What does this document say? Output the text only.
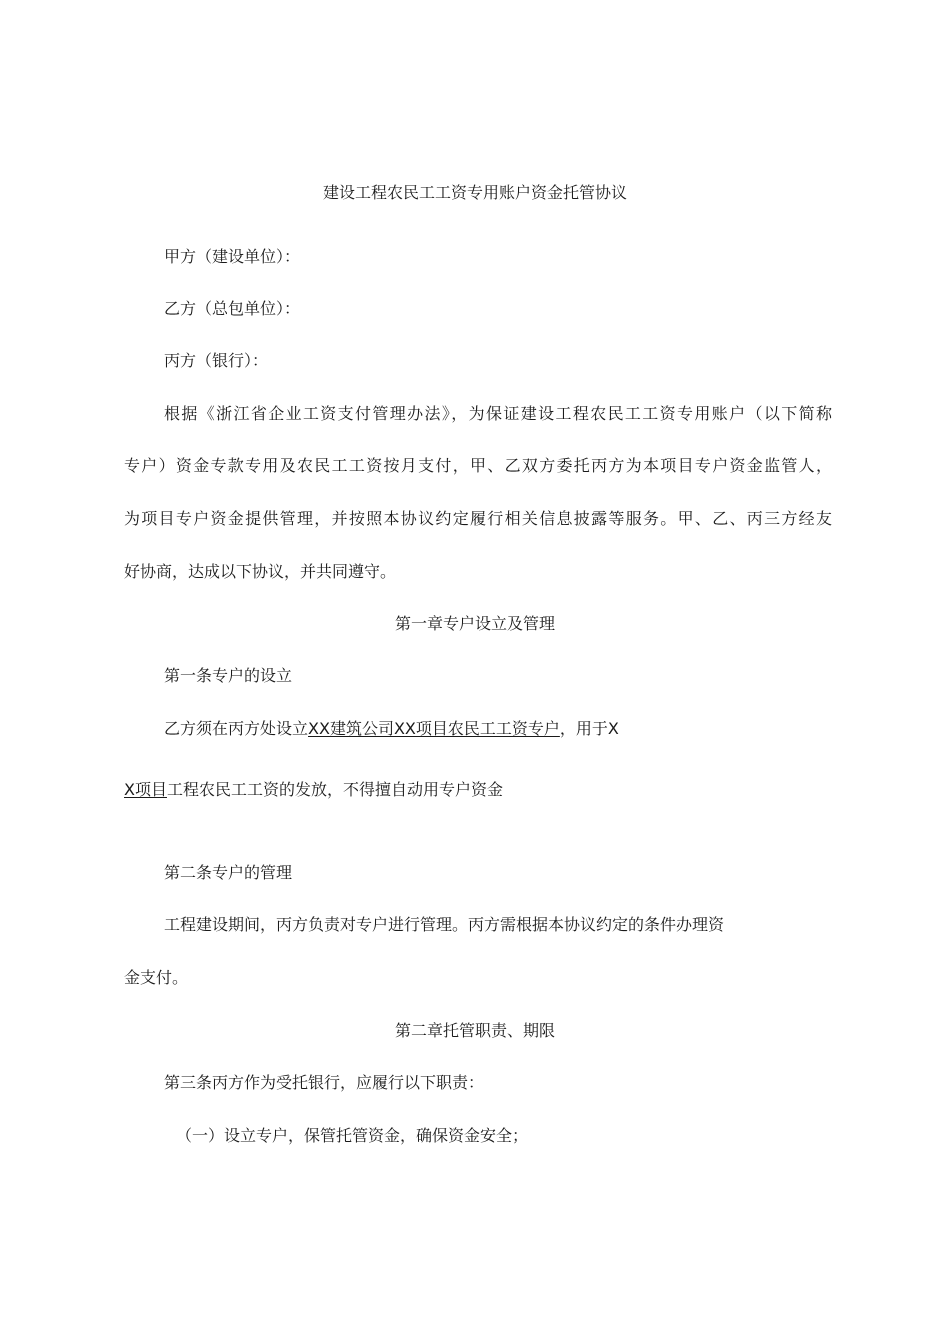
建设工程农民工工资专用账户资金托管协议

甲方（建设单位）：

乙方（总包单位）：

丙方（银行）：

根据《浙江省企业工资支付管理办法》，为保证建设工程农民工工资专用账户（以下简称

专户）资金专款专用及农民工工资按月支付，甲、乙双方委托丙方为本项目专户资金监管人，

为项目专户资金提供管理，并按照本协议约定履行相关信息披露等服务。甲、乙、丙三方经友

好协商，达成以下协议，并共同遵守。

第一章专户设立及管理

第一条专户的设立

乙方须在丙方处设立XX建筑公司XX项目农民工工资专户，用于X

X项目工程农民工工资的发放，不得擅自动用专户资金

第二条专户的管理

工程建设期间，丙方负责对专户进行管理。丙方需根据本协议约定的条件办理资

金支付。

第二章托管职责、期限

第三条丙方作为受托银行，应履行以下职责：

（一）设立专户，保管托管资金，确保资金安全；
